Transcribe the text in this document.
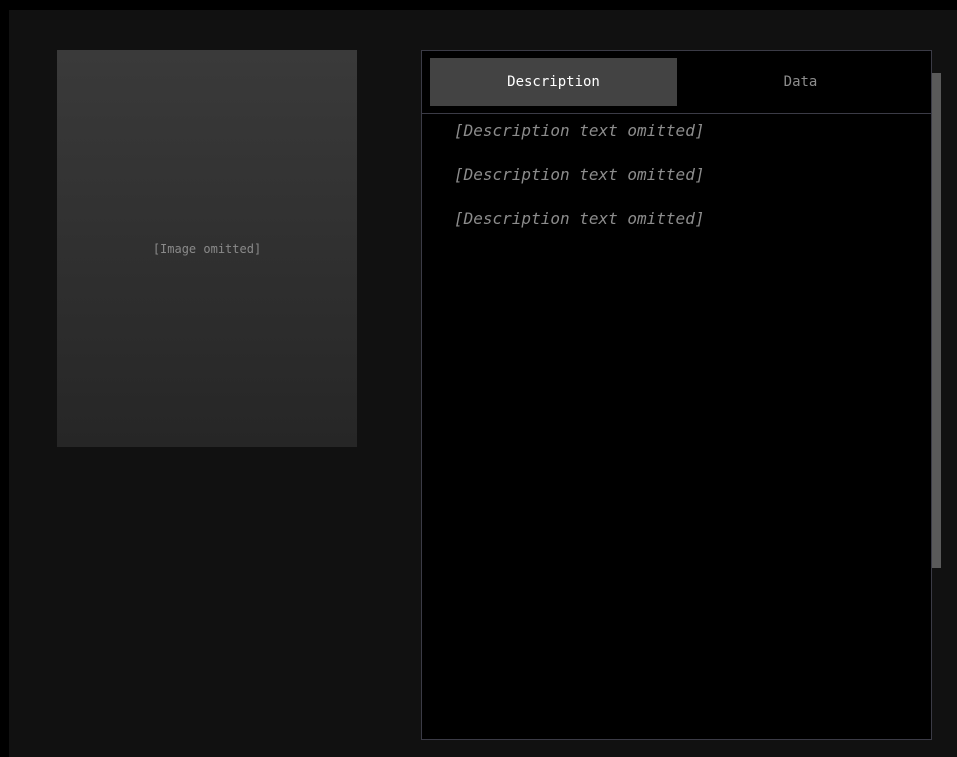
[Image omitted]
Description	Data

[Description text omitted]

[Description text omitted]

[Description text omitted]
